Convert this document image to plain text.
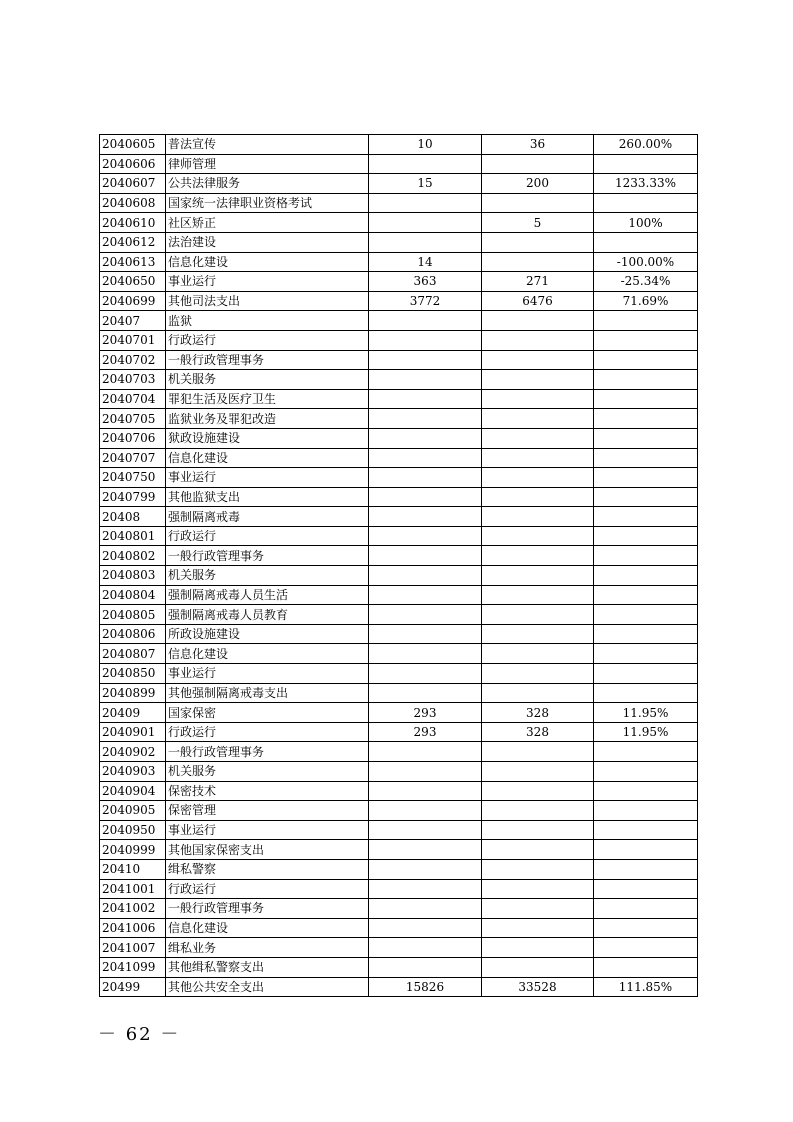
2040605	普法宣传	10	36	260.00%
2040606	律师管理			
2040607	公共法律服务	15	200	1233.33%
2040608	国家统一法律职业资格考试			
2040610	社区矫正		5	100%
2040612	法治建设			
2040613	信息化建设	14		-100.00%
2040650	事业运行	363	271	-25.34%
2040699	其他司法支出	3772	6476	71.69%
20407	监狱			
2040701	行政运行			
2040702	一般行政管理事务			
2040703	机关服务			
2040704	罪犯生活及医疗卫生			
2040705	监狱业务及罪犯改造			
2040706	狱政设施建设			
2040707	信息化建设			
2040750	事业运行			
2040799	其他监狱支出			
20408	强制隔离戒毒			
2040801	行政运行			
2040802	一般行政管理事务			
2040803	机关服务			
2040804	强制隔离戒毒人员生活			
2040805	强制隔离戒毒人员教育			
2040806	所政设施建设			
2040807	信息化建设			
2040850	事业运行			
2040899	其他强制隔离戒毒支出			
20409	国家保密	293	328	11.95%
2040901	行政运行	293	328	11.95%
2040902	一般行政管理事务			
2040903	机关服务			
2040904	保密技术			
2040905	保密管理			
2040950	事业运行			
2040999	其他国家保密支出			
20410	缉私警察			
2041001	行政运行			
2041002	一般行政管理事务			
2041006	信息化建设			
2041007	缉私业务			
2041099	其他缉私警察支出			
20499	其他公共安全支出	15826	33528	111.85%
－ 62 －
